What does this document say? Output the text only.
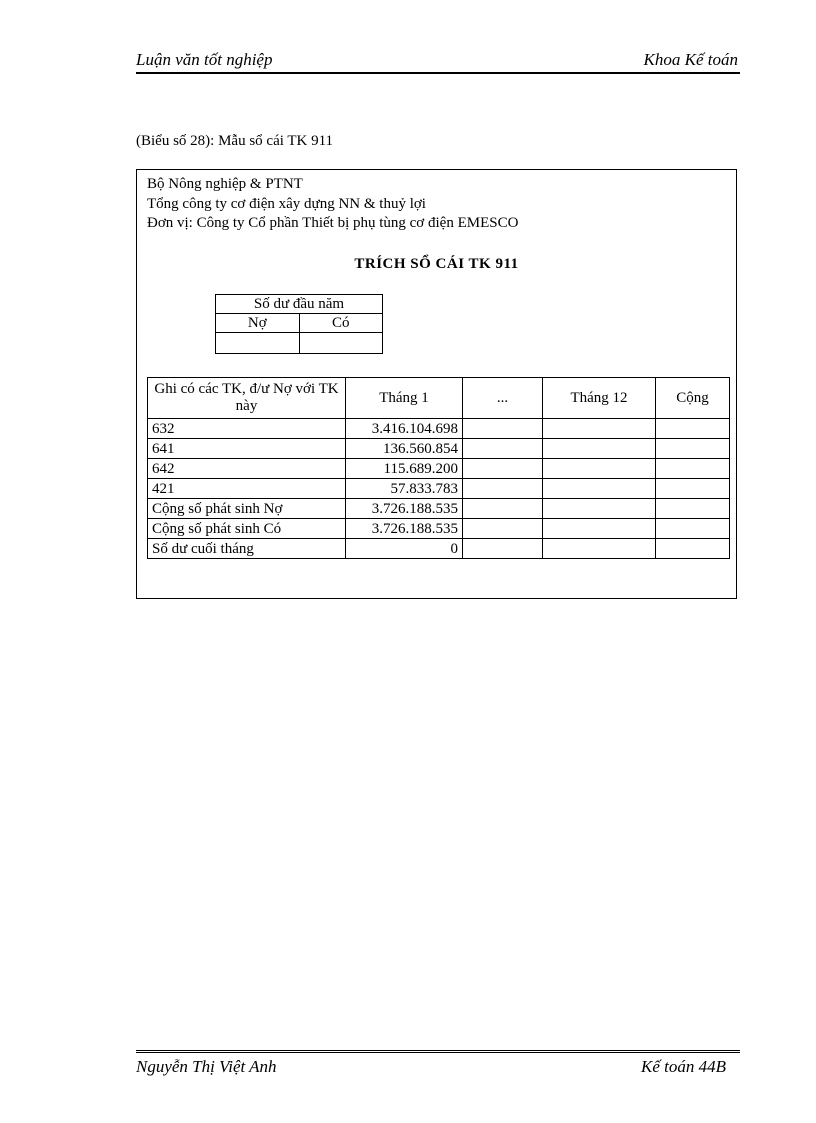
Luận văn tốt nghiệp	Khoa Kế toán
(Biểu số 28): Mẫu sổ cái TK 911
Bộ Nông nghiệp & PTNT
Tổng công ty cơ điện xây dựng NN & thuỷ lợi
Đơn vị: Công ty Cổ phần Thiết bị phụ tùng cơ điện EMESCO
TRÍCH SỔ CÁI TK 911
Số dư đầu năm	
Nợ	Có

Ghi có các TK, đ/ư Nợ với TK này	Tháng 1	...	Tháng 12	Cộng
632	3.416.104.698			
641	136.560.854			
642	115.689.200			
421	57.833.783			
Cộng số phát sinh Nợ	3.726.188.535			
Cộng số phát sinh Có	3.726.188.535			
Số dư cuối tháng	0			
Nguyễn Thị Việt Anh	Kế toán 44B
